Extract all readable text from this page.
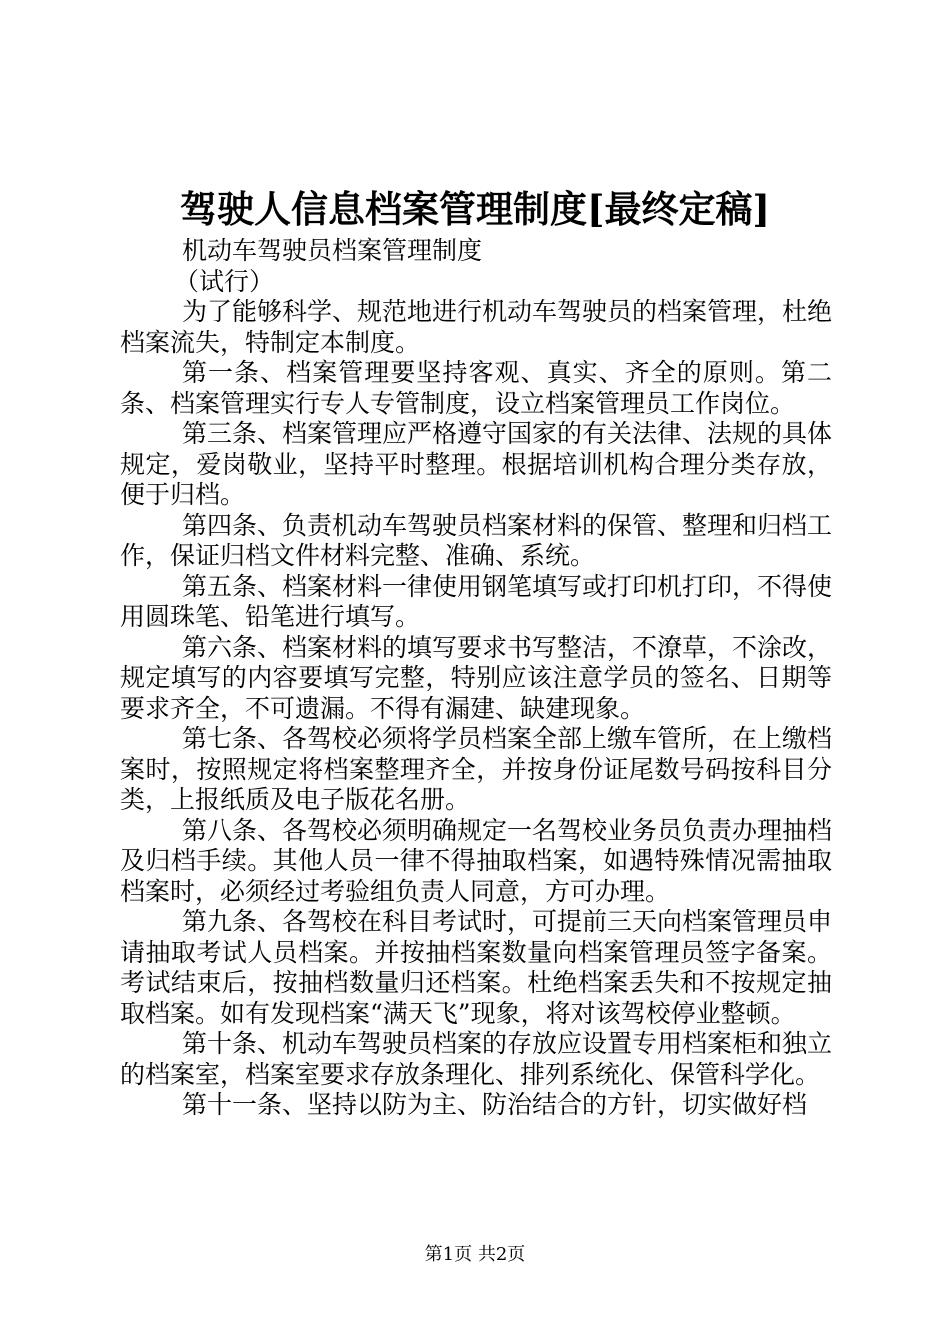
驾驶人信息档案管理制度[最终定稿]

机动车驾驶员档案管理制度

（试行）

为了能够科学、规范地进行机动车驾驶员的档案管理，杜绝档案流失，特制定本制度。

第一条、档案管理要坚持客观、真实、齐全的原则。第二条、档案管理实行专人专管制度，设立档案管理员工作岗位。

第三条、档案管理应严格遵守国家的有关法律、法规的具体规定，爱岗敬业，坚持平时整理。根据培训机构合理分类存放，便于归档。

第四条、负责机动车驾驶员档案材料的保管、整理和归档工作，保证归档文件材料完整、准确、系统。

第五条、档案材料一律使用钢笔填写或打印机打印，不得使用圆珠笔、铅笔进行填写。

第六条、档案材料的填写要求书写整洁，不潦草，不涂改，规定填写的内容要填写完整，特别应该注意学员的签名、日期等要求齐全，不可遗漏。不得有漏建、缺建现象。

第七条、各驾校必须将学员档案全部上缴车管所，在上缴档案时，按照规定将档案整理齐全，并按身份证尾数号码按科目分类，上报纸质及电子版花名册。

第八条、各驾校必须明确规定一名驾校业务员负责办理抽档及归档手续。其他人员一律不得抽取档案，如遇特殊情况需抽取档案时，必须经过考验组负责人同意，方可办理。

第九条、各驾校在科目考试时，可提前三天向档案管理员申请抽取考试人员档案。并按抽档案数量向档案管理员签字备案。考试结束后，按抽档数量归还档案。杜绝档案丢失和不按规定抽取档案。如有发现档案“满天飞”现象，将对该驾校停业整顿。

第十条、机动车驾驶员档案的存放应设置专用档案柜和独立的档案室，档案室要求存放条理化、排列系统化、保管科学化。

第十一条、坚持以防为主、防治结合的方针，切实做好档

第1页 共2页
